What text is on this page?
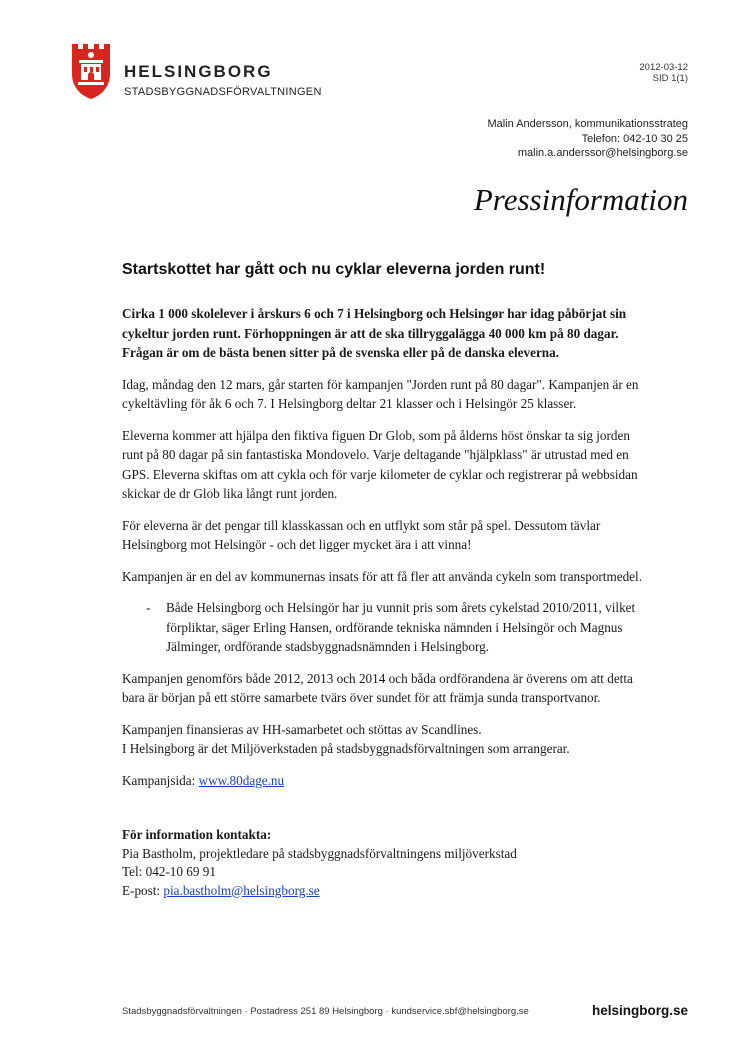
HELSINGBORG
STADSBYGGNADSFÖRVALTNINGEN
2012-03-12
SID 1(1)
Malin Andersson, kommunikationsstrateg
Telefon: 042-10 30 25
malin.a.anderssor@helsingborg.se
Pressinformation
Startskottet har gått och nu cyklar eleverna jorden runt!

Cirka 1 000 skolelever i årskurs 6 och 7 i Helsingborg och Helsingør har idag påbörjat sin cykeltur jorden runt. Förhoppningen är att de ska tillryggalägga 40 000 km på 80 dagar. Frågan är om de bästa benen sitter på de svenska eller på de danska eleverna.

Idag, måndag den 12 mars, går starten för kampanjen "Jorden runt på 80 dagar". Kampanjen är en cykeltävling för åk 6 och 7. I Helsingborg deltar 21 klasser och i Helsingör 25 klasser.

Eleverna kommer att hjälpa den fiktiva figuen Dr Glob, som på ålderns höst önskar ta sig jorden runt på 80 dagar på sin fantastiska Mondovelo. Varje deltagande "hjälpklass" är utrustad med en GPS. Eleverna skiftas om att cykla och för varje kilometer de cyklar och registrerar på webbsidan skickar de dr Glob lika långt runt jorden.

För eleverna är det pengar till klasskassan och en utflykt som står på spel. Dessutom tävlar Helsingborg mot Helsingör - och det ligger mycket ära i att vinna!

Kampanjen är en del av kommunernas insats för att få fler att använda cykeln som transportmedel.

- Både Helsingborg och Helsingör har ju vunnit pris som årets cykelstad 2010/2011, vilket förpliktar, säger Erling Hansen, ordförande tekniska nämnden i Helsingör och Magnus Jälminger, ordförande stadsbyggnadsnämnden i Helsingborg.

Kampanjen genomförs både 2012, 2013 och 2014 och båda ordförandena är överens om att detta bara är början på ett större samarbete tvärs över sundet för att främja sunda transportvanor.

Kampanjen finansieras av HH-samarbetet och stöttas av Scandlines.
I Helsingborg är det Miljöverkstaden på stadsbyggnadsförvaltningen som arrangerar.

Kampanjsida: www.80dage.nu

För information kontakta:
Pia Bastholm, projektledare på stadsbyggnadsförvaltningens miljöverkstad
Tel: 042-10 69 91
E-post: pia.bastholm@helsingborg.se
Stadsbyggnadsförvaltningen · Postadress 251 89 Helsingborg · kundservice.sbf@helsingborg.se	helsingborg.se
